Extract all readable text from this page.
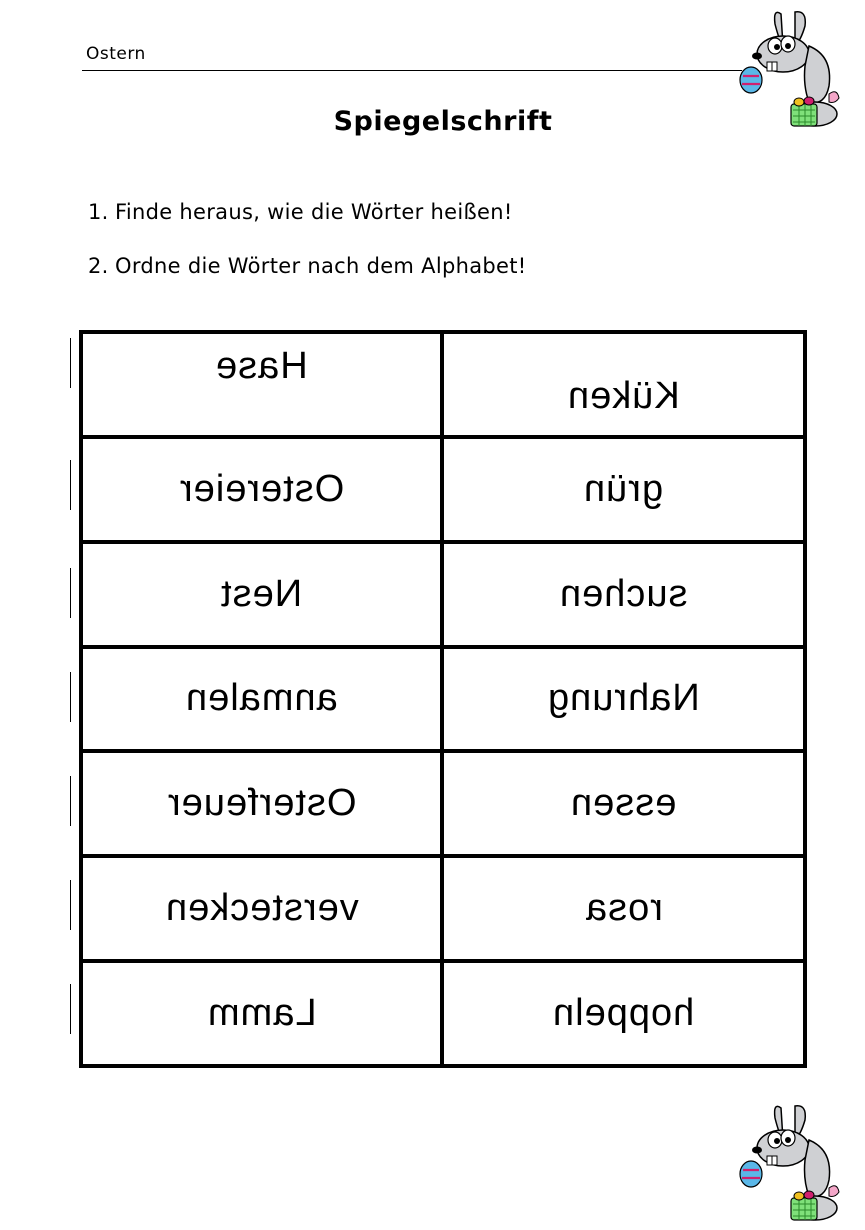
Ostern
Spiegelschrift
1. Finde heraus, wie die Wörter heißen!
2. Ordne die Wörter nach dem Alphabet!
Hase	Küken
Ostereier	grün
Nest	suchen
anmalen	Nahrung
Osterfeuer	essen
verstecken	rosa
Lamm	hoppeln
